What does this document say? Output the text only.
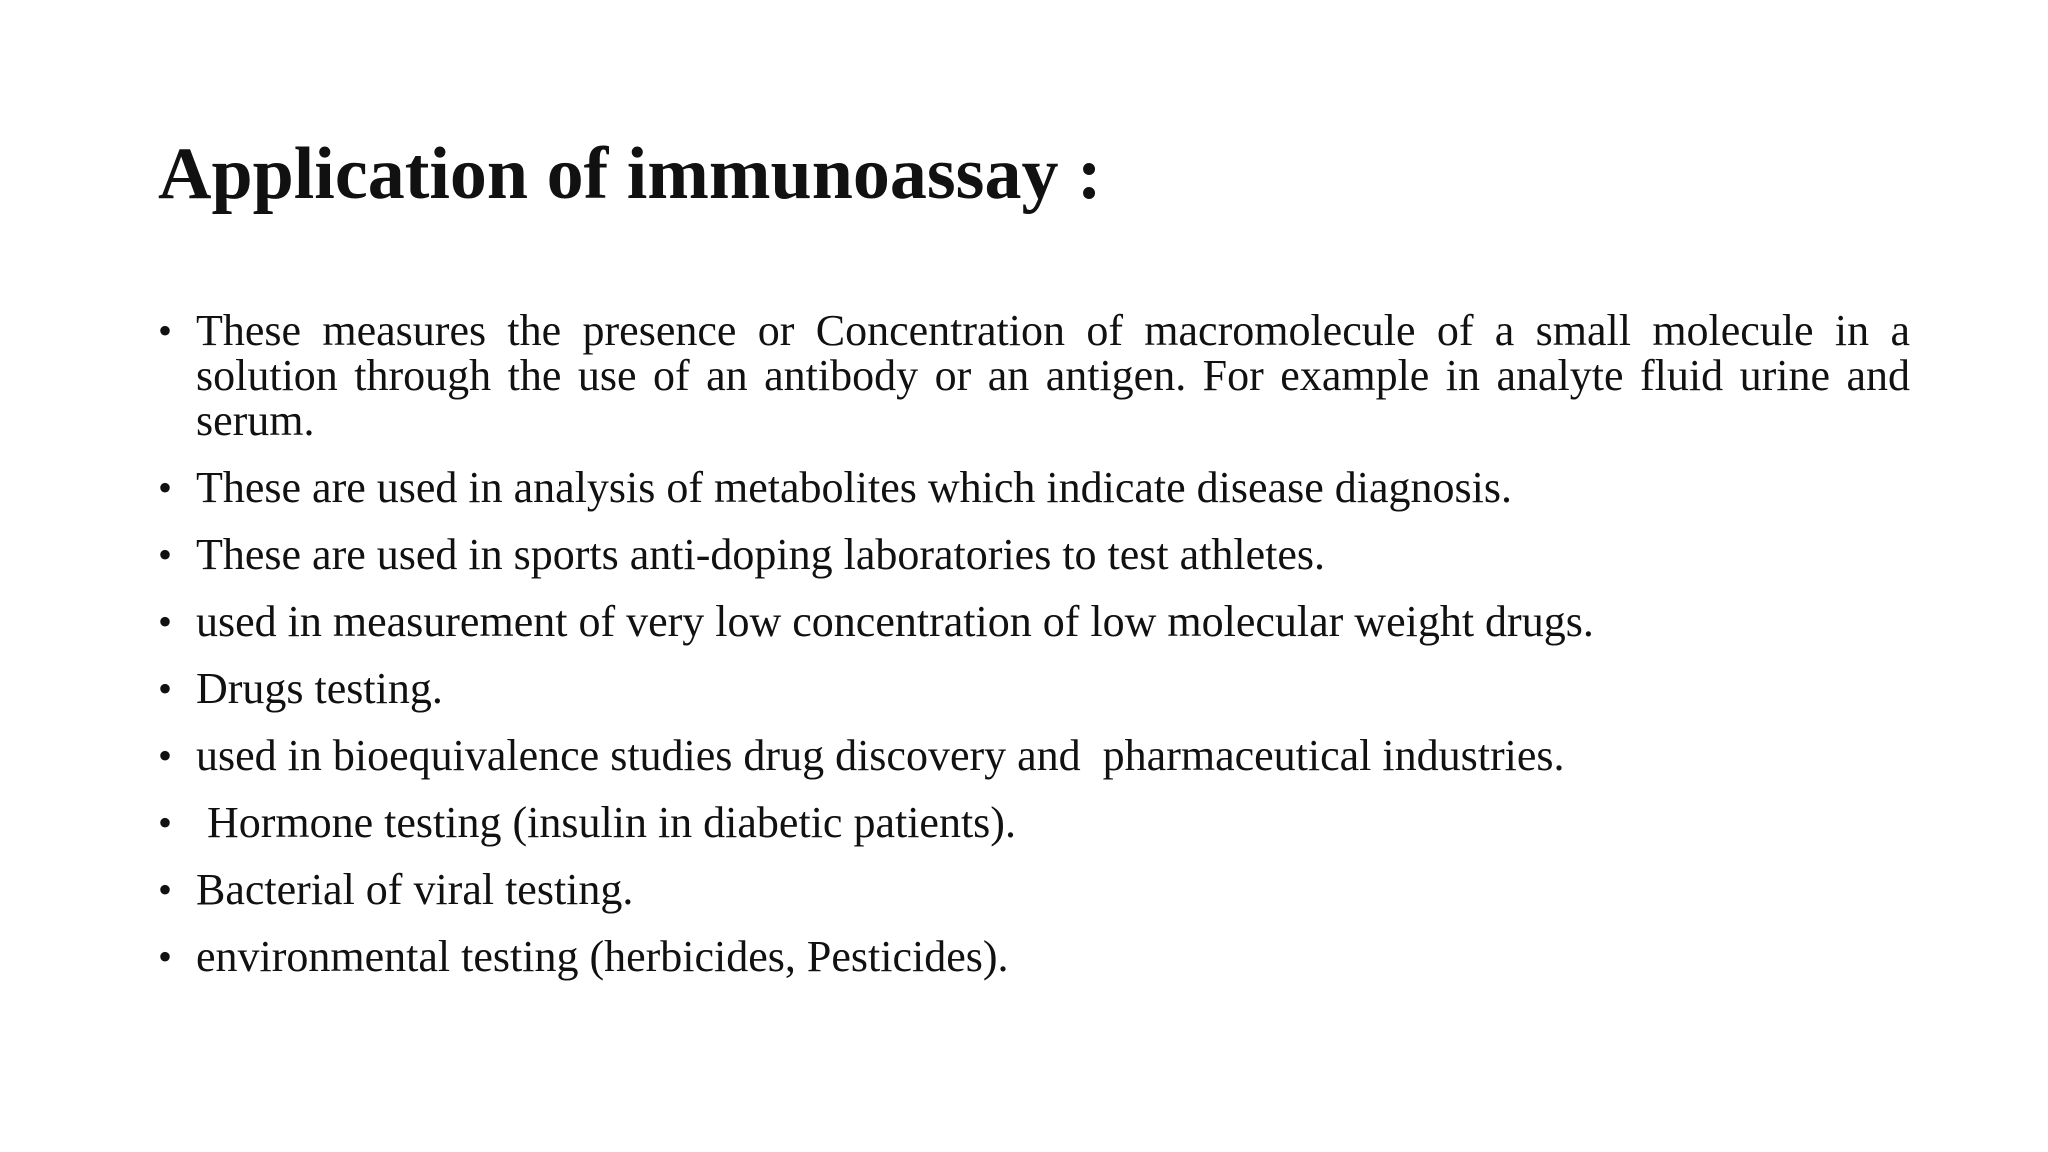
Application of immunoassay :
• These measures the presence or Concentration of macromolecule of a small molecule in a solution through the use of an antibody or an antigen. For example in analyte fluid urine and serum.
• These are used in analysis of metabolites which indicate disease diagnosis.
• These are used in sports anti-doping laboratories to test athletes.
• used in measurement of very low concentration of low molecular weight drugs.
• Drugs testing.
• used in bioequivalence studies drug discovery and  pharmaceutical industries.
• Hormone testing (insulin in diabetic patients).
• Bacterial of viral testing.
• environmental testing (herbicides, Pesticides).
